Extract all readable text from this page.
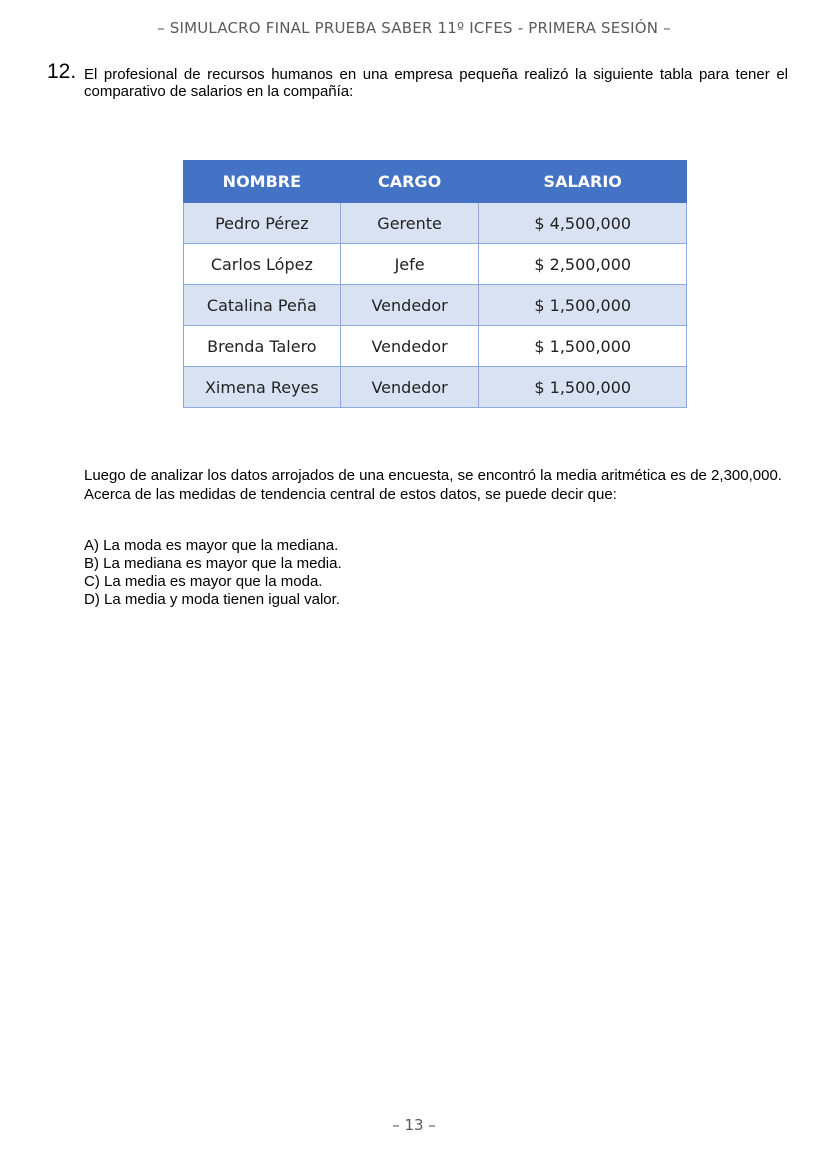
– SIMULACRO FINAL PRUEBA SABER 11º ICFES - PRIMERA SESIÓN –
12. El profesional de recursos humanos en una empresa pequeña realizó la siguiente tabla para tener el comparativo de salarios en la compañía:
NOMBRE	CARGO	SALARIO
Pedro Pérez	Gerente	$ 4,500,000
Carlos López	Jefe	$ 2,500,000
Catalina Peña	Vendedor	$ 1,500,000
Brenda Talero	Vendedor	$ 1,500,000
Ximena Reyes	Vendedor	$ 1,500,000
Luego de analizar los datos arrojados de una encuesta, se encontró la media aritmética es de 2,300,000. Acerca de las medidas de tendencia central de estos datos, se puede decir que:
A) La moda es mayor que la mediana.
B) La mediana es mayor que la media.
C) La media es mayor que la moda.
D) La media y moda tienen igual valor.
– 13 –
